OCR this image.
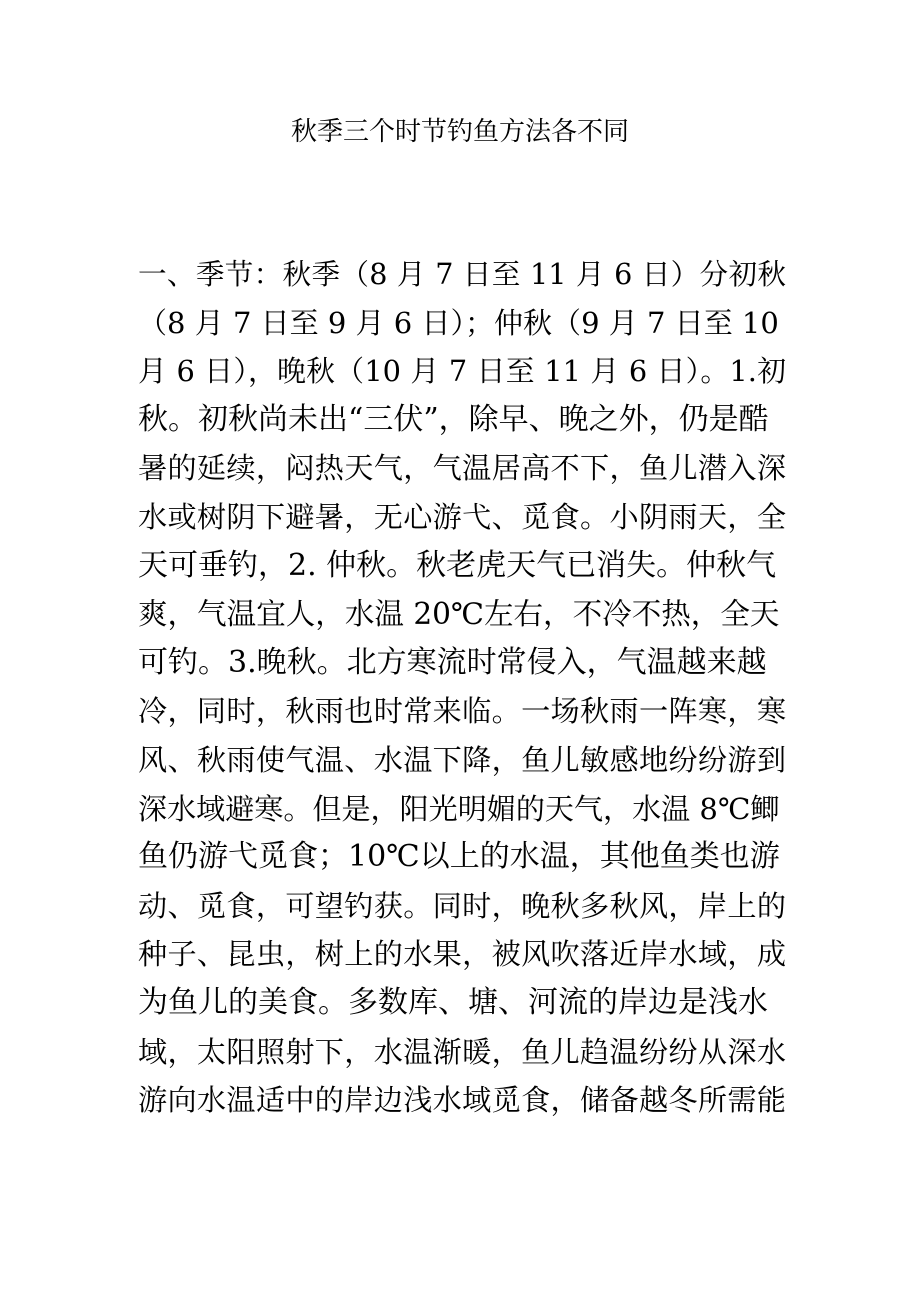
秋季三个时节钓鱼方法各不同
一、季节：秋季（8 月 7 日至 11 月 6 日）分初秋
（8 月 7 日至 9 月 6 日）；仲秋（9 月 7 日至 10
月 6 日），晚秋（10 月 7 日至 11 月 6 日）。1.初
秋。初秋尚未出“三伏”，除早、晚之外，仍是酷
暑的延续，闷热天气，气温居高不下，鱼儿潜入深
水或树阴下避暑，无心游弋、觅食。小阴雨天，全
天可垂钓，2. 仲秋。秋老虎天气已消失。仲秋气
爽，气温宜人，水温 20℃左右，不冷不热，全天
可钓。3.晚秋。北方寒流时常侵入，气温越来越
冷，同时，秋雨也时常来临。一场秋雨一阵寒，寒
风、秋雨使气温、水温下降，鱼儿敏感地纷纷游到
深水域避寒。但是，阳光明媚的天气，水温 8℃鲫
鱼仍游弋觅食；10℃以上的水温，其他鱼类也游
动、觅食，可望钓获。同时，晚秋多秋风，岸上的
种子、昆虫，树上的水果，被风吹落近岸水域，成
为鱼儿的美食。多数库、塘、河流的岸边是浅水
域，太阳照射下，水温渐暖，鱼儿趋温纷纷从深水
游向水温适中的岸边浅水域觅食，储备越冬所需能
